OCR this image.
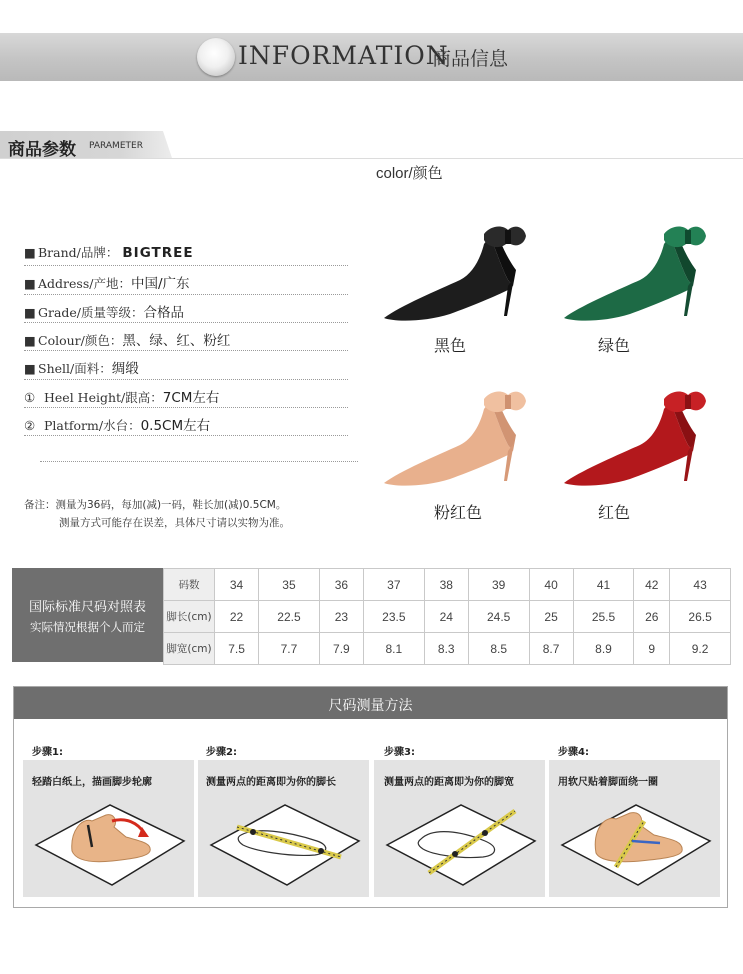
INFORMATION
商品信息
商品参数 PARAMETER
color/颜色
■ Brand/品牌： BIGTREE
■ Address/产地：中国/广东
■ Grade/质量等级：合格品
■ Colour/颜色：黑、绿、红、粉红
■ Shell/面料：绸缎
① Heel Height/跟高：7CM左右
② Platform/水台：0.5CM左右
备注：测量为36码，每加(减)一码，鞋长加(减)0.5CM。
测量方式可能存在误差，具体尺寸请以实物为准。
黑色	绿色
粉红色	红色
国际标准尺码对照表
实际情况根据个人而定
码数	34	35	36	37	38	39	40	41	42	43
脚长(cm)	22	22.5	23	23.5	24	24.5	25	25.5	26	26.5
脚宽(cm)	7.5	7.7	7.9	8.1	8.3	8.5	8.7	8.9	9	9.2
尺码测量方法
步骤1:	步骤2:	步骤3:	步骤4:
轻踏白纸上，描画脚步轮廓	测量两点的距离即为你的脚长	测量两点的距离即为你的脚宽	用软尺贴着脚面绕一圈
